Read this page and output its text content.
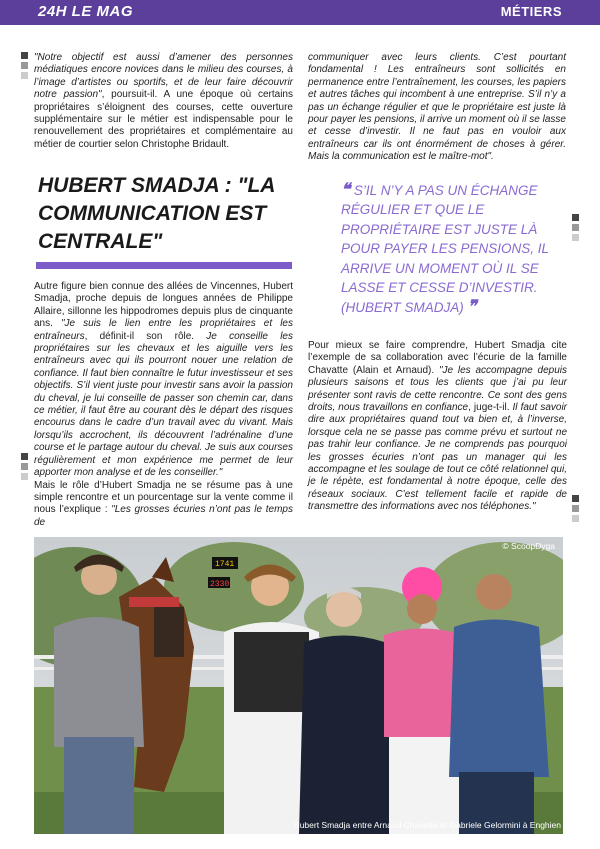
24H LE MAG	MÉTIERS

"Notre objectif est aussi d’amener des personnes médiatiques encore novices dans le milieu des courses, à l’image d’artistes ou sportifs, et de leur faire découvrir notre passion", poursuit-il. A une époque où certains propriétaires s’éloignent des courses, cette ouverture supplémentaire sur le métier est indispensable pour le renouvellement des propriétaires et complémentaire au métier de courtier selon Christophe Bridault.

communiquer avec leurs clients. C’est pourtant fondamental ! Les entraîneurs sont sollicités en permanence entre l’entraînement, les courses, les papiers et autres tâches qui incombent à une entreprise. S’il n’y a pas un échange régulier et que le propriétaire est juste là pour payer les pensions, il arrive un moment où il se lasse et cesse d’investir. Il ne faut pas en vouloir aux entraîneurs car ils ont énormément de choses à gérer. Mais la communication est le maître-mot".

HUBERT SMADJA : "LA COMMUNICATION EST CENTRALE"
❝ S’IL N’Y A PAS UN ÉCHANGE RÉGULIER ET QUE LE PROPRIÉTAIRE EST JUSTE LÀ POUR PAYER LES PENSIONS, IL ARRIVE UN MOMENT OÙ IL SE LASSE ET CESSE D’INVESTIR. (HUBERT SMADJA) ❞

Autre figure bien connue des allées de Vincennes, Hubert Smadja, proche depuis de longues années de Philippe Allaire, sillonne les hippodromes depuis plus de cinquante ans. "Je suis le lien entre les propriétaires et les entraîneurs, définit-il son rôle. Je conseille les propriétaires sur les chevaux et les aiguille vers les entraîneurs avec qui ils pourront nouer une relation de confiance. Il faut bien connaître le futur investisseur et ses objectifs. S’il vient juste pour investir sans avoir la passion du cheval, je lui conseille de passer son chemin car, dans ce métier, il faut être au courant dès le départ des risques encourus dans le cadre d’un travail avec du vivant. Mais lorsqu’ils accrochent, ils découvrent l’adrénaline d’une course et le partage autour du cheval. Je suis aux courses régulièrement et mon expérience me permet de leur apporter mon analyse et de les conseiller."

Mais le rôle d’Hubert Smadja ne se résume pas à une simple rencontre et un pourcentage sur la vente comme il nous l’explique : "Les grosses écuries n’ont pas le temps de

Pour mieux se faire comprendre, Hubert Smadja cite l’exemple de sa collaboration avec l’écurie de la famille Chavatte (Alain et Arnaud). "Je les accompagne depuis plusieurs saisons et tous les clients que j’ai pu leur présenter sont ravis de cette rencontre. Ce sont des gens droits, nous travaillons en confiance, juge-t-il. Il faut savoir dire aux propriétaires quand tout va bien et, à l’inverse, lorsque cela ne se passe pas comme prévu et surtout ne pas trahir leur confiance. Je ne comprends pas pourquoi les grosses écuries n’ont pas un manager qui les accompagne et les soulage de tout ce côté relationnel qui, je le répète, est fondamental à notre époque, celle des réseaux sociaux. C’est tellement facile et rapide de transmettre des informations avec nos téléphones."

1741
2330
© ScoopDyga
Hubert Smadja entre Arnaud Chavatte et Gabriele Gelormini à Enghien
